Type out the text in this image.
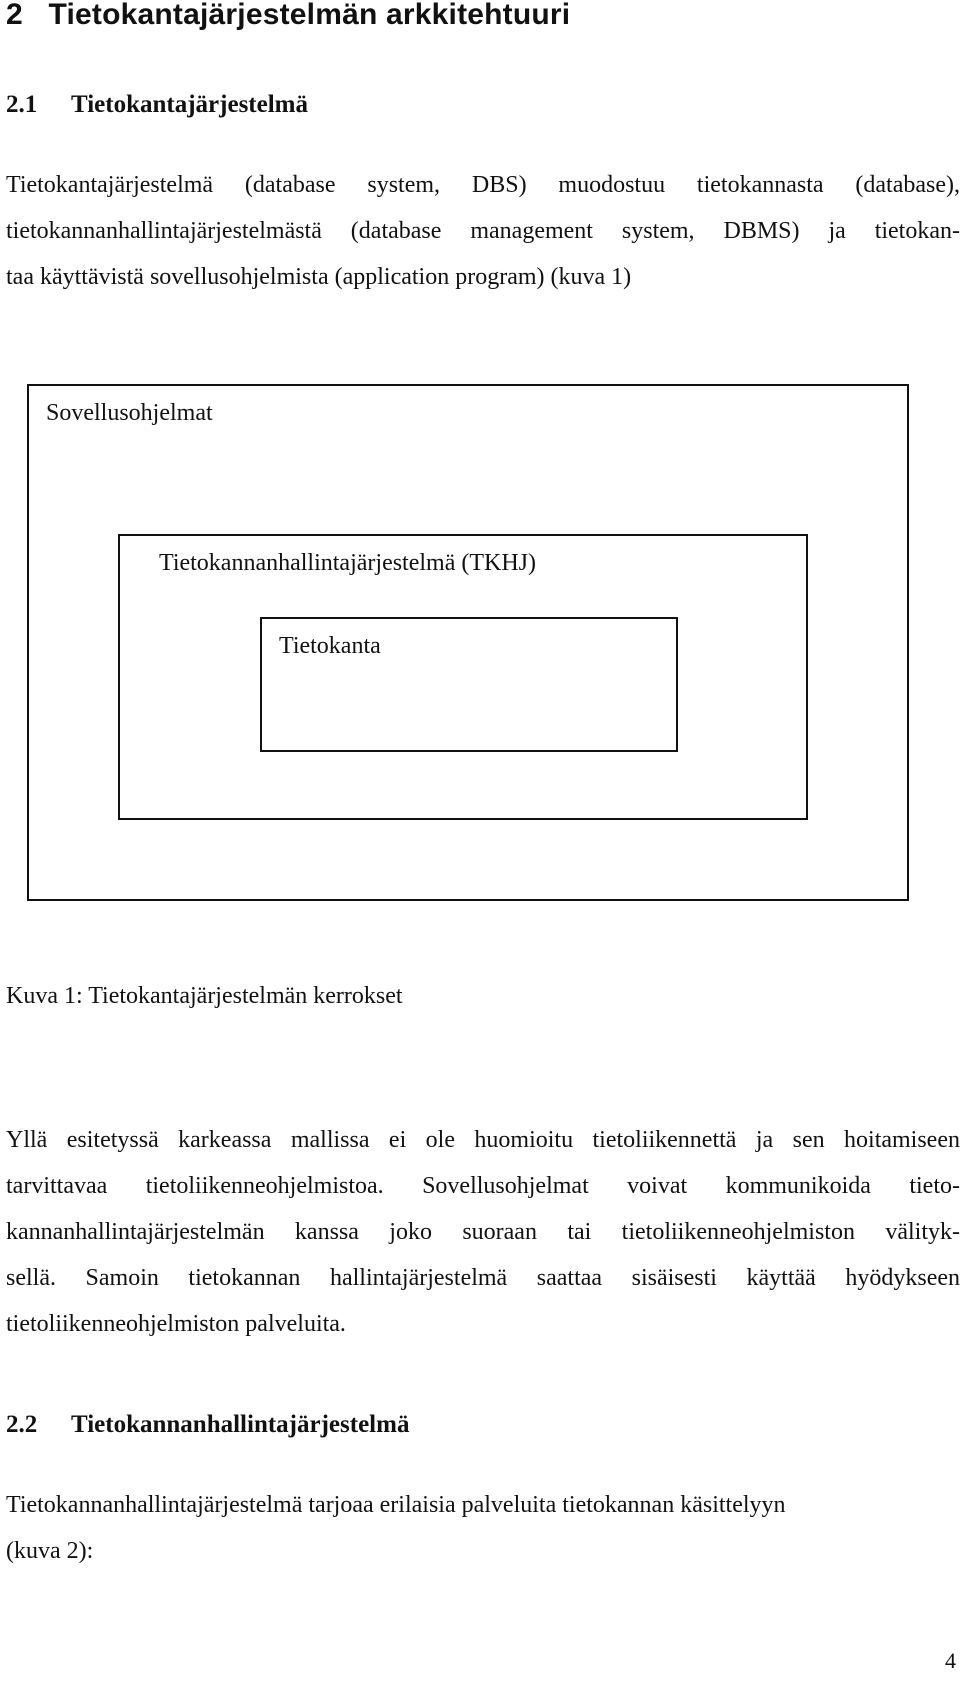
2 Tietokantajärjestelmän arkkitehtuuri
2.1 Tietokantajärjestelmä
Tietokantajärjestelmä (database system, DBS) muodostuu tietokannasta (database),
tietokannanhallintajärjestelmästä (database management system, DBMS) ja tietokan-
taa käyttävistä sovellusohjelmista (application program) (kuva 1)
Sovellusohjelmat
Tietokannanhallintajärjestelmä (TKHJ)
Tietokanta
Kuva 1: Tietokantajärjestelmän kerrokset
Yllä esitetyssä karkeassa mallissa ei ole huomioitu tietoliikennettä ja sen hoitamiseen
tarvittavaa tietoliikenneohjelmistoa. Sovellusohjelmat voivat kommunikoida tieto-
kannanhallintajärjestelmän kanssa joko suoraan tai tietoliikenneohjelmiston välityk-
sellä. Samoin tietokannan hallintajärjestelmä saattaa sisäisesti käyttää hyödykseen
tietoliikenneohjelmiston palveluita.
2.2 Tietokannanhallintajärjestelmä
Tietokannanhallintajärjestelmä tarjoaa erilaisia palveluita tietokannan käsittelyyn
(kuva 2):
4
